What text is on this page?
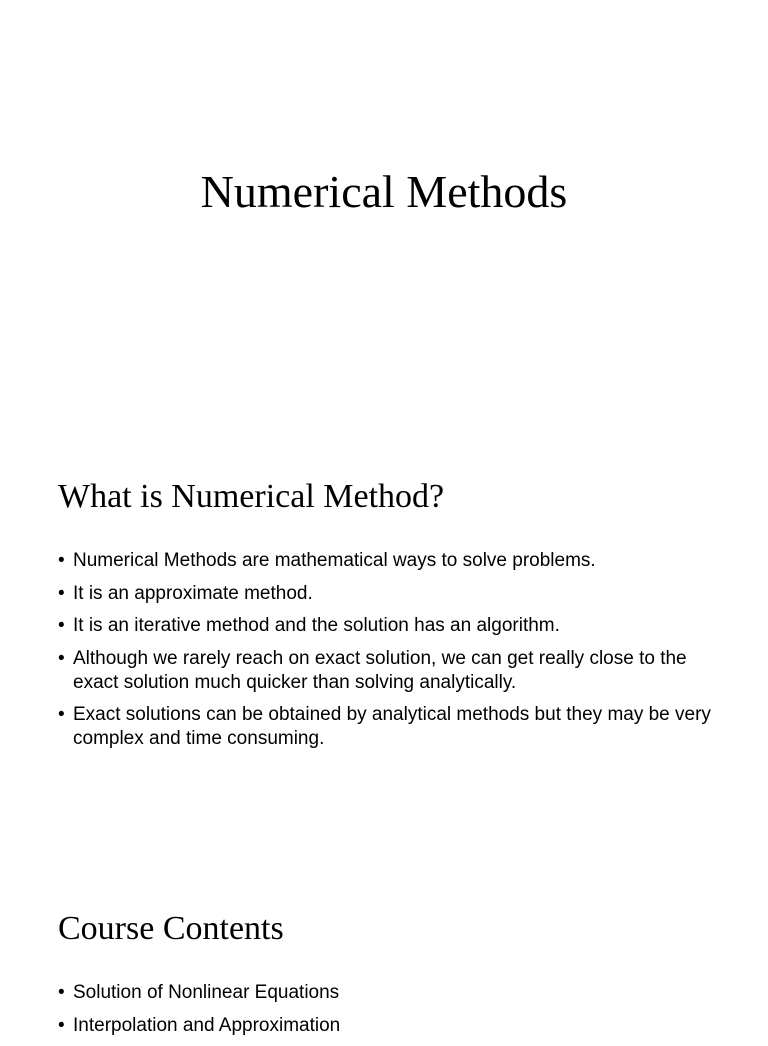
Numerical Methods
What is Numerical Method?
• Numerical Methods are mathematical ways to solve problems.
• It is an approximate method.
• It is an iterative method and the solution has an algorithm.
• Although we rarely reach on exact solution, we can get really close to the exact solution much quicker than solving analytically.
• Exact solutions can be obtained by analytical methods but they may be very complex and time consuming.
Course Contents
• Solution of Nonlinear Equations
• Interpolation and Approximation
